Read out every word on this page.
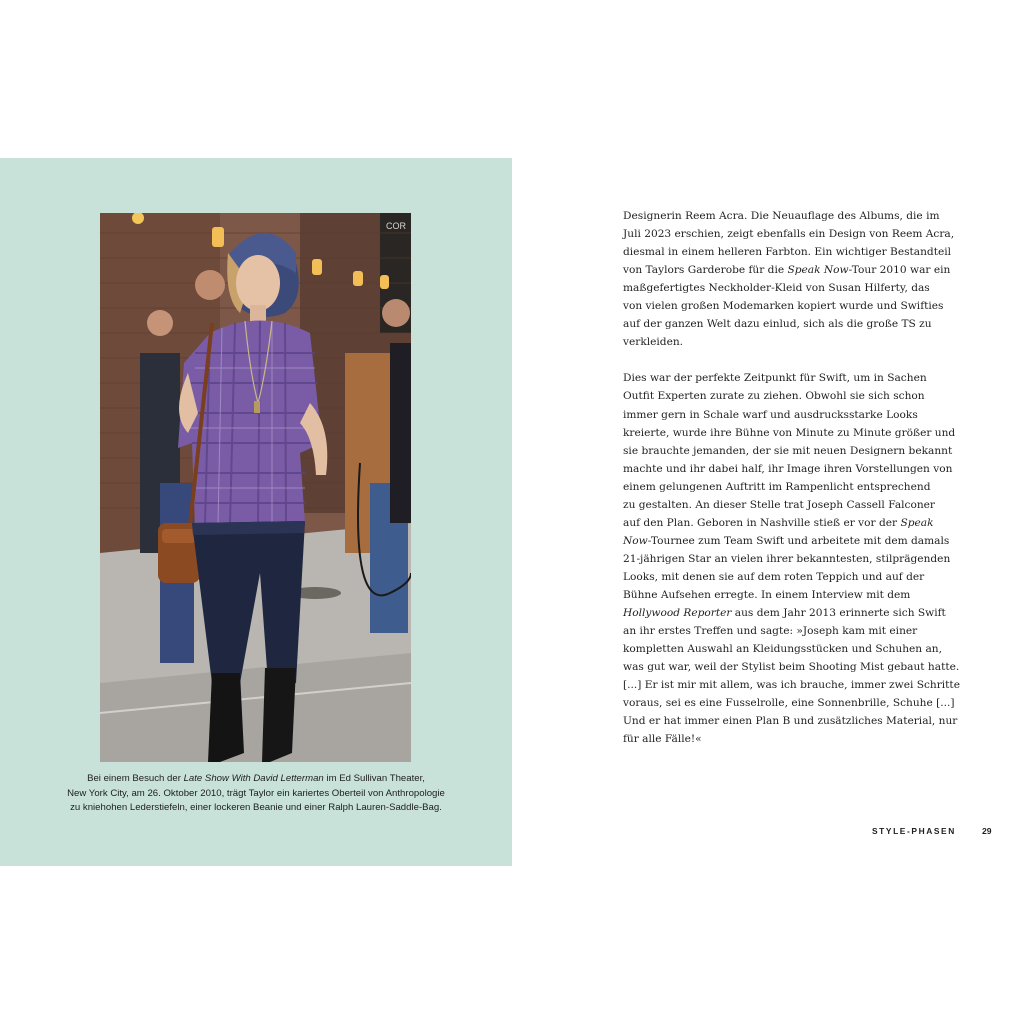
COR

Bei einem Besuch der Late Show With David Letterman im Ed Sullivan Theater,

New York City, am 26. Oktober 2010, trägt Taylor ein kariertes Oberteil von Anthropologie

zu kniehohen Lederstiefeln, einer lockeren Beanie und einer Ralph Lauren-Saddle-Bag.

Designerin Reem Acra. Die Neuauflage des Albums, die im
Juli 2023 erschien, zeigt ebenfalls ein Design von Reem Acra,
diesmal in einem helleren Farbton. Ein wichtiger Bestandteil
von Taylors Garderobe für die Speak Now-Tour 2010 war ein
maßgefertigtes Neckholder-Kleid von Susan Hilferty, das
von vielen großen Modemarken kopiert wurde und Swifties
auf der ganzen Welt dazu einlud, sich als die große TS zu
verkleiden.
Dies war der perfekte Zeitpunkt für Swift, um in Sachen
Outfit Experten zurate zu ziehen. Obwohl sie sich schon
immer gern in Schale warf und ausdrucksstarke Looks
kreierte, wurde ihre Bühne von Minute zu Minute größer und
sie brauchte jemanden, der sie mit neuen Designern bekannt
machte und ihr dabei half, ihr Image ihren Vorstellungen von
einem gelungenen Auftritt im Rampenlicht entsprechend
zu gestalten. An dieser Stelle trat Joseph Cassell Falconer
auf den Plan. Geboren in Nashville stieß er vor der Speak
Now-Tournee zum Team Swift und arbeitete mit dem damals
21-jährigen Star an vielen ihrer bekanntesten, stilprägenden
Looks, mit denen sie auf dem roten Teppich und auf der
Bühne Aufsehen erregte. In einem Interview mit dem
Hollywood Reporter aus dem Jahr 2013 erinnerte sich Swift
an ihr erstes Treffen und sagte: »Joseph kam mit einer
kompletten Auswahl an Kleidungsstücken und Schuhen an,
was gut war, weil der Stylist beim Shooting Mist gebaut hatte.
[...] Er ist mir mit allem, was ich brauche, immer zwei Schritte
voraus, sei es eine Fusselrolle, eine Sonnenbrille, Schuhe [...]
Und er hat immer einen Plan B und zusätzliches Material, nur
für alle Fälle!«
STYLE-PHASEN	29
